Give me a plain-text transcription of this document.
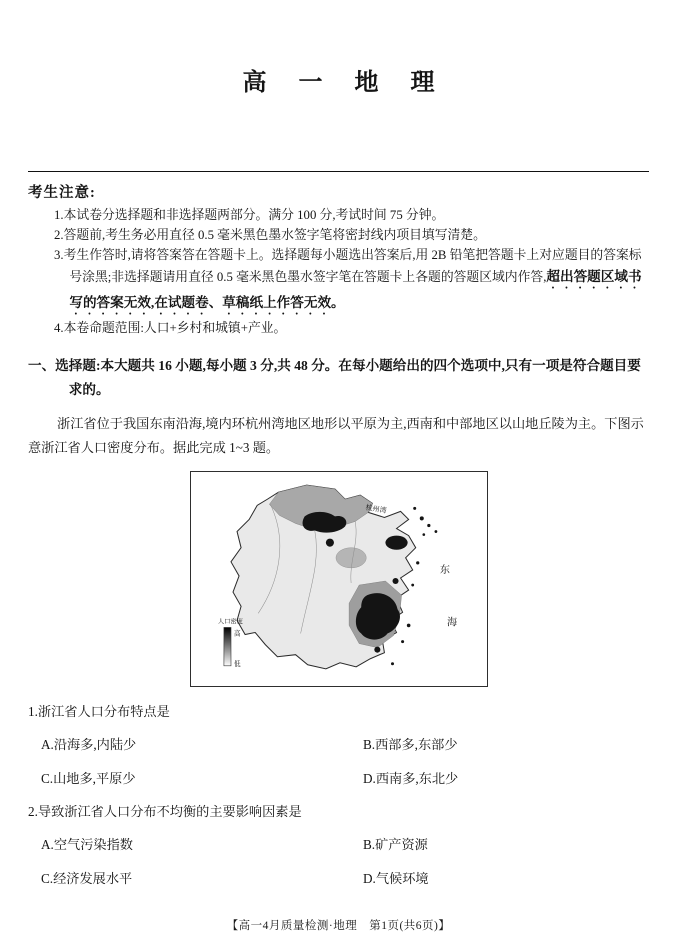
高 一 地 理
考生注意:

1.本试卷分选择题和非选择题两部分。满分 100 分,考试时间 75 分钟。

2.答题前,考生务必用直径 0.5 毫米黑色墨水签字笔将密封线内项目填写清楚。

3.考生作答时,请将答案答在答题卡上。选择题每小题选出答案后,用 2B 铅笔把答题卡上对应题目的答案标号涂黑;非选择题请用直径 0.5 毫米黑色墨水签字笔在答题卡上各题的答题区域内作答,超出答题区域书写的答案无效,在试题卷、草稿纸上作答无效。

4.本卷命题范围:人口+乡村和城镇+产业。

一、选择题:本大题共 16 小题,每小题 3 分,共 48 分。在每小题给出的四个选项中,只有一项是符合题目要求的。

浙江省位于我国东南沿海,境内环杭州湾地区地形以平原为主,西南和中部地区以山地丘陵为主。下图示意浙江省人口密度分布。据此完成 1~3 题。

杭州湾
东
海
人口密度
高
低

1.浙江省人口分布特点是

A.沿海多,内陆少	B.西部多,东部少
C.山地多,平原少	D.西南多,东北少

2.导致浙江省人口分布不均衡的主要影响因素是

A.空气污染指数	B.矿产资源
C.经济发展水平	D.气候环境
【高一4月质量检测·地理　第1页(共6页)】
